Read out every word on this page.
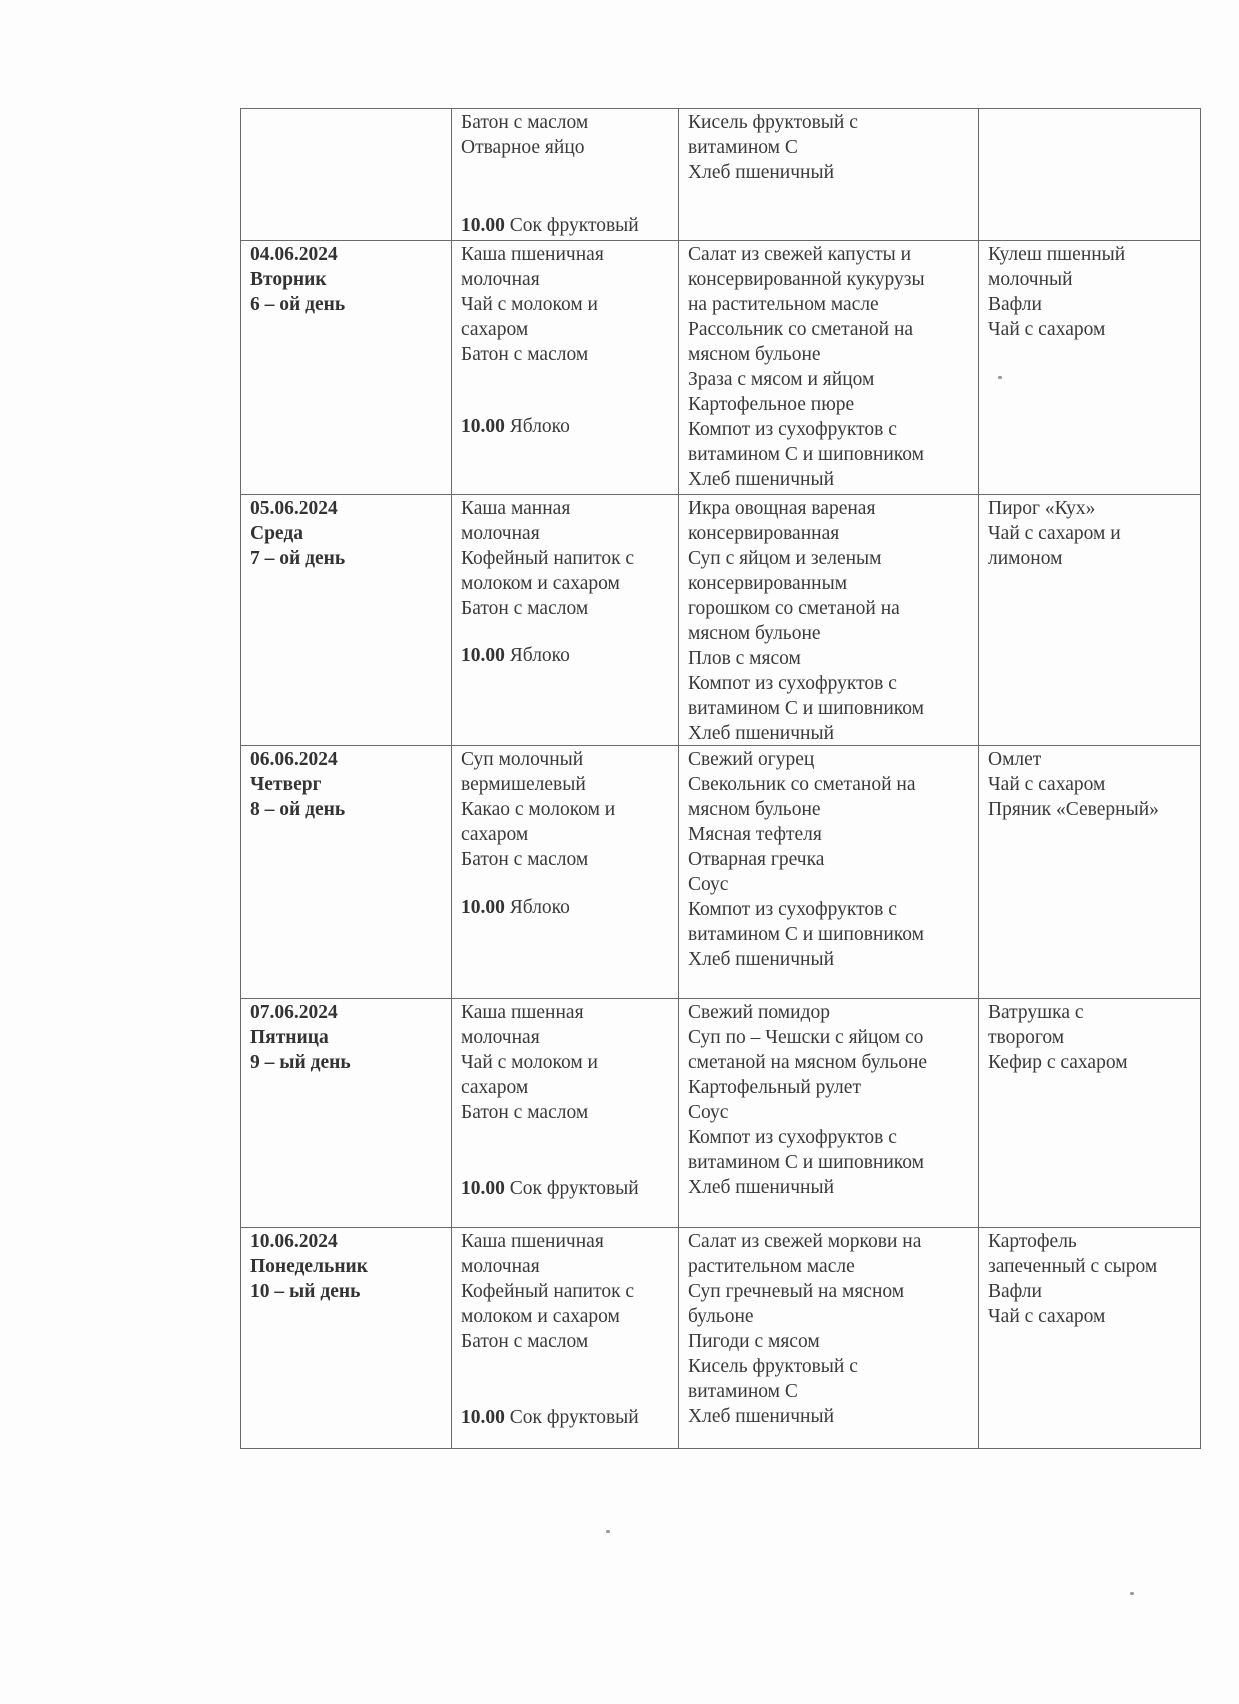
Батон с маслом
Отварное яйцо
10.00 Сок фруктовый
Кисель фруктовый с
витамином С
Хлеб пшеничный
04.06.2024
Вторник
6 – ой день
Каша пшеничная
молочная
Чай с молоком и
сахаром
Батон с маслом
10.00 Яблоко
Салат из свежей капусты и
консервированной кукурузы
на растительном масле
Рассольник со сметаной на
мясном бульоне
Зраза с мясом и яйцом
Картофельное пюре
Компот из сухофруктов с
витамином С и шиповником
Хлеб пшеничный
Кулеш пшенный
молочный
Вафли
Чай с сахаром
05.06.2024
Среда
7 – ой день
Каша манная
молочная
Кофейный напиток с
молоком и сахаром
Батон с маслом
10.00 Яблоко
Икра овощная вареная
консервированная
Суп с яйцом и зеленым
консервированным
горошком со сметаной на
мясном бульоне
Плов с мясом
Компот из сухофруктов с
витамином С и шиповником
Хлеб пшеничный
Пирог «Кух»
Чай с сахаром и
лимоном
06.06.2024
Четверг
8 – ой день
Суп молочный
вермишелевый
Какао с молоком и
сахаром
Батон с маслом
10.00 Яблоко
Свежий огурец
Свекольник со сметаной на
мясном бульоне
Мясная тефтеля
Отварная гречка
Соус
Компот из сухофруктов с
витамином С и шиповником
Хлеб пшеничный
Омлет
Чай с сахаром
Пряник «Северный»
07.06.2024
Пятница
9 – ый день
Каша пшенная
молочная
Чай с молоком и
сахаром
Батон с маслом
10.00 Сок фруктовый
Свежий помидор
Суп по – Чешски с яйцом со
сметаной на мясном бульоне
Картофельный рулет
Соус
Компот из сухофруктов с
витамином С и шиповником
Хлеб пшеничный
Ватрушка с
творогом
Кефир с сахаром
10.06.2024
Понедельник
10 – ый день
Каша пшеничная
молочная
Кофейный напиток с
молоком и сахаром
Батон с маслом
10.00 Сок фруктовый
Салат из свежей моркови на
растительном масле
Суп гречневый на мясном
бульоне
Пигоди с мясом
Кисель фруктовый с
витамином С
Хлеб пшеничный
Картофель
запеченный с сыром
Вафли
Чай с сахаром
